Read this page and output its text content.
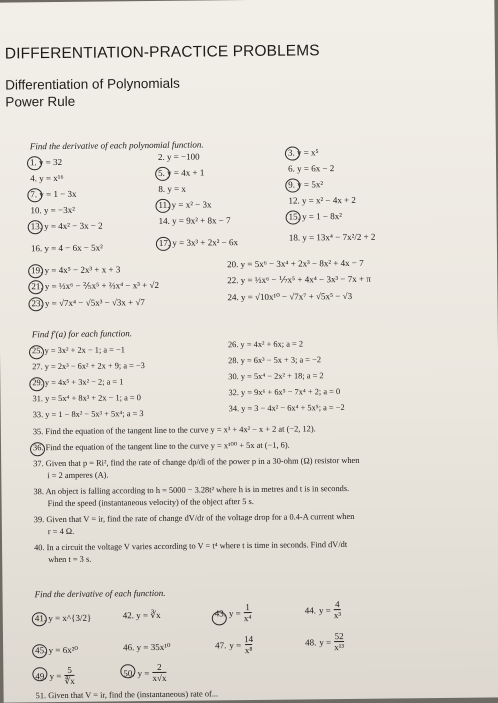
DIFFERENTIATION-PRACTICE PROBLEMS
Differentiation of Polynomials
Power Rule
Find the derivative of each polynomial function.
1. y = 32
2. y = −100	3. y = x⁵
4. y = x¹⁶
5. y = 4x + 1	6. y = 6x − 2
7. y = 1 − 3x
8. y = x	9. y = 5x²
10. y = −3x²
11. y = x² − 3x	12. y = x² − 4x + 2
13. y = 4x² − 3x − 2	14. y = 9x² + 8x − 7	15. y = 1 − 8x²
16. y = 4 − 6x − 5x²	17. y = 3x³ + 2x² − 6x	18. y = 13x⁴ − 7x²/2 + 2
19. y = 4x⁵ − 2x³ + x + 3
20. y = 5x⁶ − 3x⁴ + 2x³ − 8x² + 4x − 7
21. y = ⅓x⁶ − ⅖x⁵ + ⅔x⁴ − x³ + √2
22. y = ⅓x⁶ − ⅐x⁵ + 4x⁴ − 3x³ − 7x + π
23. y = √7x⁴ − √5x³ − √3x + √7
24. y = √10x¹⁰ − √7x⁷ + √5x⁵ − √3
Find f′(a) for each function.
25. y = 3x² + 2x − 1; a = −1
26. y = 4x² + 6x; a = 2
27. y = 2x³ − 6x² + 2x + 9; a = −3
28. y = 6x³ − 5x + 3; a = −2
29. y = 4x⁵ + 3x² − 2; a = 1
30. y = 5x⁴ − 2x² + 18; a = 2
31. y = 5x⁴ + 8x³ + 2x − 1; a = 0
32. y = 9x⁶ + 6x⁵ − 7x⁴ + 2; a = 0
33. y = 1 − 8x² − 5x³ + 5x⁴; a = 3
34. y = 3 − 4x² − 6x⁴ + 5x⁵; a = −2
35. Find the equation of the tangent line to the curve y = x³ + 4x² − x + 2 at (−2, 12).
36. Find the equation of the tangent line to the curve y = x¹⁰⁰ + 5x at (−1, 6).
37. Given that p = Ri², find the rate of change dp/di of the power p in a 30-ohm (Ω) resistor when
i = 2 amperes (A).
38. An object is falling according to h = 5000 − 3.28t² where h is in metres and t is in seconds.
Find the speed (instantaneous velocity) of the object after 5 s.
39. Given that V = ir, find the rate of change dV/dr of the voltage drop for a 0.4-A current when
r = 4 Ω.
40. In a circuit the voltage V varies according to V = t⁴ where t is time in seconds. Find dV/dt
when t = 3 s.
Find the derivative of each function.
41. y = x^{3/2}	42. y = ∛x	43. $y = \frac{1}{\text{x⁴}}$	44. $y = \frac{4}{\text{x³}}$
45. y = 6x²⁰	46. y = 35x¹⁰	47. $y = \frac{14}{\text{x⁸}}$	48. $y = \frac{52}{\text{x¹³}}$
49. $y = \frac{5}{∜x}$	50. $y = \frac{2}{x√x}$
51. Given that V = ir, find the (instantaneous) rate of...
